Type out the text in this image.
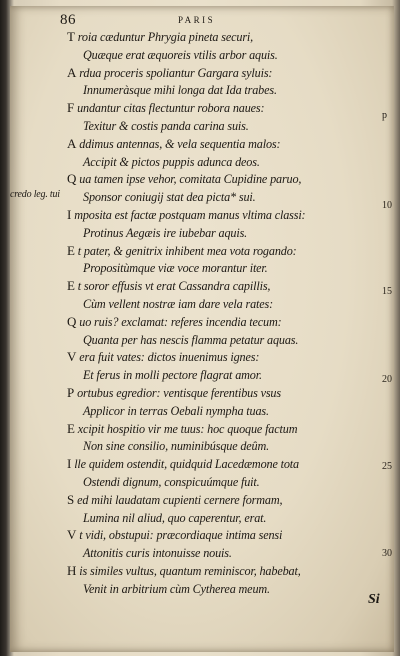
86	PARIS
credo leg. tui
p
10
15
20
25
30
T roia cæduntur Phrygia pineta securi,
Quæque erat æquoreis vtilis arbor aquis.
A rdua proceris spoliantur Gargara syluis:
Innumeràsque mihi longa dat Ida trabes.
F undantur citas flectuntur robora naues:
Texitur & costis panda carina suis.
A ddimus antennas, & vela sequentia malos:
Accipit & pictos puppis adunca deos.
Q ua tamen ipse vehor, comitata Cupidine paruo,
Sponsor coniugij stat dea picta* sui.
I mposita est factæ postquam manus vltima classi:
Protinus Aegæis ire iubebar aquis.
E t pater, & genitrix inhibent mea vota rogando:
Propositùmque viæ voce morantur iter.
E t soror effusis vt erat Cassandra capillis,
Cùm vellent nostræ iam dare vela rates:
Q uo ruis? exclamat: referes incendia tecum:
Quanta per has nescis flamma petatur aquas.
V era fuit vates: dictos inuenimus ignes:
Et ferus in molli pectore flagrat amor.
P ortubus egredior: ventisque ferentibus vsus
Applicor in terras Oebali nympha tuas.
E xcipit hospitio vir me tuus: hoc quoque factum
Non sine consilio, numinibúsque deûm.
I lle quidem ostendit, quidquid Lacedæmone tota
Ostendi dignum, conspicuúmque fuit.
S ed mihi laudatam cupienti cernere formam,
Lumina nil aliud, quo caperentur, erat.
V t vidi, obstupui: præcordiaque intima sensi
Attonitis curis intonuisse nouis.
H is similes vultus, quantum reminiscor, habebat,
Venit in arbitrium cùm Cytherea meum.
Si
